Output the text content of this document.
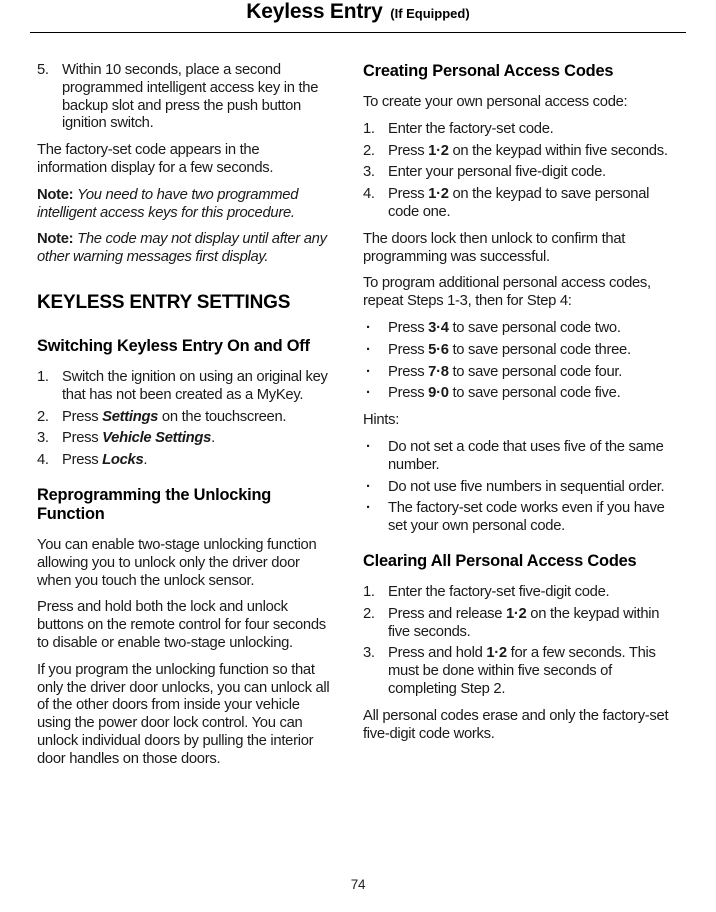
Keyless Entry (If Equipped)
5. Within 10 seconds, place a second programmed intelligent access key in the backup slot and press the push button ignition switch.

The factory-set code appears in the information display for a few seconds.

Note: You need to have two programmed intelligent access keys for this procedure.

Note: The code may not display until after any other warning messages first display.

KEYLESS ENTRY SETTINGS
Switching Keyless Entry On and Off
1. Switch the ignition on using an original key that has not been created as a MyKey.
2. Press Settings on the touchscreen.
3. Press Vehicle Settings.
4. Press Locks.
Reprogramming the Unlocking Function

You can enable two-stage unlocking function allowing you to unlock only the driver door when you touch the unlock sensor.

Press and hold both the lock and unlock buttons on the remote control for four seconds to disable or enable two-stage unlocking.

If you program the unlocking function so that only the driver door unlocks, you can unlock all of the other doors from inside your vehicle using the power door lock control. You can unlock individual doors by pulling the interior door handles on those doors.

Creating Personal Access Codes

To create your own personal access code:

1. Enter the factory-set code.
2. Press 1·2 on the keypad within five seconds.
3. Enter your personal five-digit code.
4. Press 1·2 on the keypad to save personal code one.

The doors lock then unlock to confirm that programming was successful.

To program additional personal access codes, repeat Steps 1-3, then for Step 4:

· Press 3·4 to save personal code two.
· Press 5·6 to save personal code three.
· Press 7·8 to save personal code four.
· Press 9·0 to save personal code five.

Hints:

· Do not set a code that uses five of the same number.
· Do not use five numbers in sequential order.
· The factory-set code works even if you have set your own personal code.
Clearing All Personal Access Codes
1. Enter the factory-set five-digit code.
2. Press and release 1·2 on the keypad within five seconds.
3. Press and hold 1·2 for a few seconds. This must be done within five seconds of completing Step 2.

All personal codes erase and only the factory-set five-digit code works.

74
